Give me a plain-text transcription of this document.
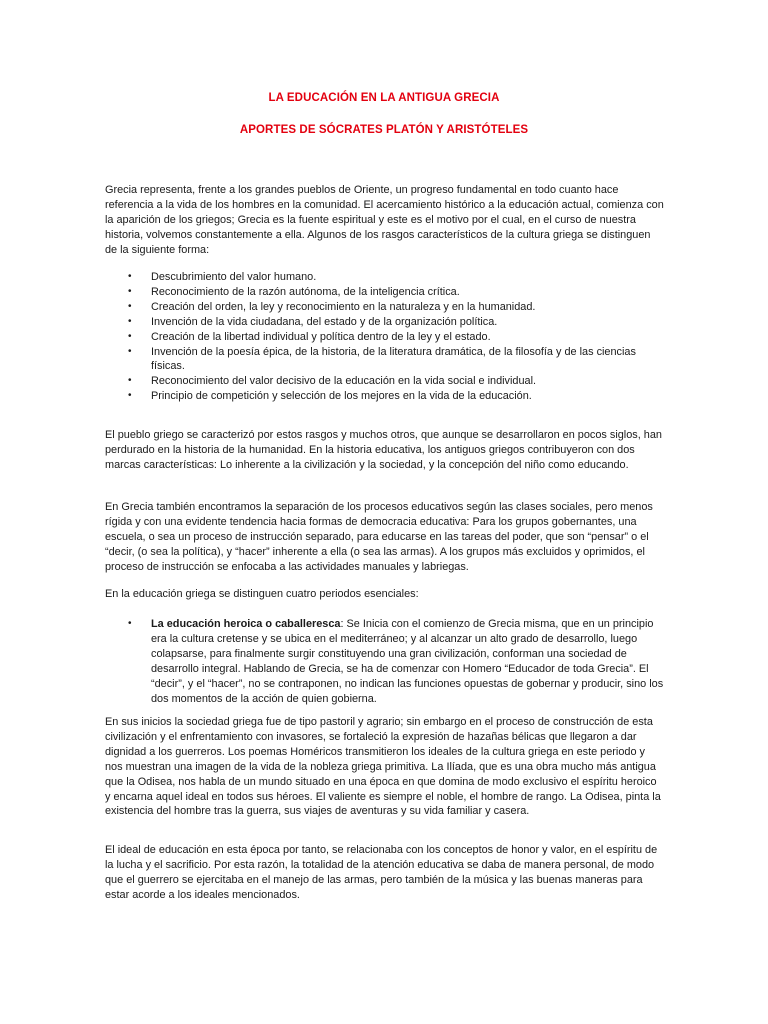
LA EDUCACIÓN EN LA ANTIGUA GRECIA
APORTES DE SÓCRATES PLATÓN Y ARISTÓTELES
Grecia representa, frente a los grandes pueblos de Oriente, un progreso fundamental en todo cuanto hace referencia a la vida de los hombres en la comunidad. El acercamiento histórico a la educación actual, comienza con la aparición de los griegos; Grecia es la fuente espiritual y este es el motivo por el cual, en el curso de nuestra historia, volvemos constantemente a ella. Algunos de los rasgos característicos de la cultura griega se distinguen de la siguiente forma:
• Descubrimiento del valor humano.
• Reconocimiento de la razón autónoma, de la inteligencia crítica.
• Creación del orden, la ley y reconocimiento en la naturaleza y en la humanidad.
• Invención de la vida ciudadana, del estado y de la organización política.
• Creación de la libertad individual y política dentro de la ley y el estado.
• Invención de la poesía épica, de la historia, de la literatura dramática, de la filosofía y de las ciencias físicas.
• Reconocimiento del valor decisivo de la educación en la vida social e individual.
• Principio de competición y selección de los mejores en la vida de la educación.
El pueblo griego se caracterizó por estos rasgos y muchos otros, que aunque se desarrollaron en pocos siglos, han perdurado en la historia de la humanidad. En la historia educativa, los antiguos griegos contribuyeron con dos marcas características: Lo inherente a la civilización y la sociedad, y la concepción del niño como educando.
En Grecia también encontramos la separación de los procesos educativos según las clases sociales, pero menos rígida y con una evidente tendencia hacia formas de democracia educativa: Para los grupos gobernantes, una escuela, o sea un proceso de instrucción separado, para educarse en las tareas del poder, que son “pensar” o el “decir, (o sea la política), y “hacer” inherente a ella (o sea las armas). A los grupos más excluidos y oprimidos, el proceso de instrucción se enfocaba a las actividades manuales y labriegas.
En la educación griega se distinguen cuatro periodos esenciales:
• La educación heroica o caballeresca: Se Inicia con el comienzo de Grecia misma, que en un principio era la cultura cretense y se ubica en el mediterráneo; y al alcanzar un alto grado de desarrollo, luego colapsarse, para finalmente surgir constituyendo una gran civilización, conforman una sociedad de desarrollo integral. Hablando de Grecia, se ha de comenzar con Homero “Educador de toda Grecia”. El “decir”, y el “hacer”, no se contraponen, no indican las funciones opuestas de gobernar y producir, sino los dos momentos de la acción de quien gobierna.
En sus inicios la sociedad griega fue de tipo pastoril y agrario; sin embargo en el proceso de construcción de esta civilización y el enfrentamiento con invasores, se fortaleció la expresión de hazañas bélicas que llegaron a dar dignidad a los guerreros. Los poemas Homéricos transmitieron los ideales de la cultura griega en este periodo y nos muestran una imagen de la vida de la nobleza griega primitiva. La Ilíada, que es una obra mucho más antigua que la Odisea, nos habla de un mundo situado en una época en que domina de modo exclusivo el espíritu heroico y encarna aquel ideal en todos sus héroes. El valiente es siempre el noble, el hombre de rango. La Odisea, pinta la existencia del hombre tras la guerra, sus viajes de aventuras y su vida familiar y casera.
El ideal de educación en esta época por tanto, se relacionaba con los conceptos de honor y valor, en el espíritu de la lucha y el sacrificio. Por esta razón, la totalidad de la atención educativa se daba de manera personal, de modo que el guerrero se ejercitaba en el manejo de las armas, pero también de la música y las buenas maneras para estar acorde a los ideales mencionados.
